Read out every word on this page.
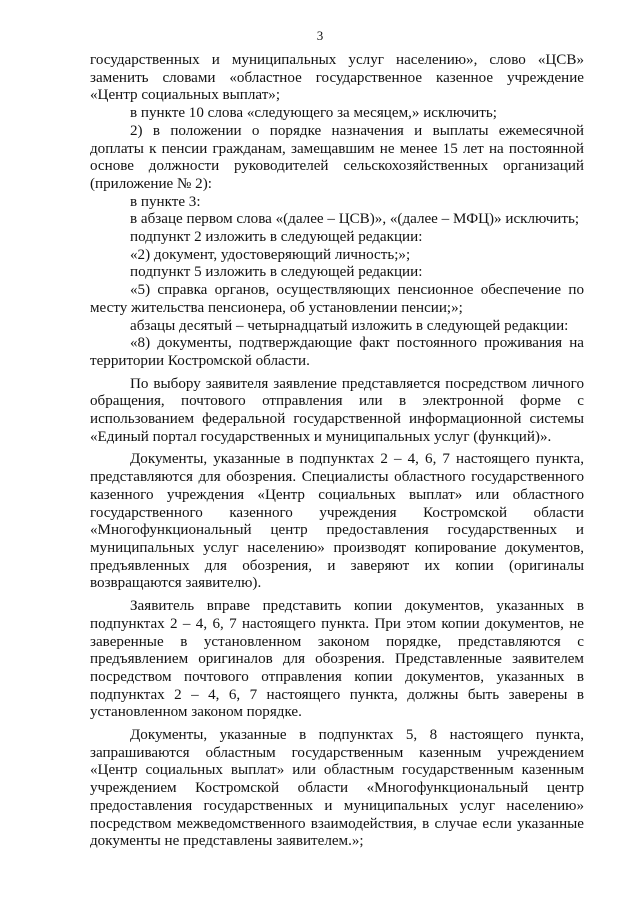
3

государственных и муниципальных услуг населению», слово «ЦСВ» заменить словами «областное государственное казенное учреждение «Центр социальных выплат»;

в пункте 10 слова «следующего за месяцем,» исключить;

2) в положении о порядке назначения и выплаты ежемесячной доплаты к пенсии гражданам, замещавшим не менее 15 лет на постоянной основе должности руководителей сельскохозяйственных организаций (приложение № 2):

в пункте 3:

в абзаце первом слова «(далее – ЦСВ)», «(далее – МФЦ)» исключить;

подпункт 2 изложить в следующей редакции:

«2) документ, удостоверяющий личность;»;

подпункт 5 изложить в следующей редакции:

«5) справка органов, осуществляющих пенсионное обеспечение по месту жительства пенсионера, об установлении пенсии;»;

абзацы десятый – четырнадцатый изложить в следующей редакции:

«8) документы, подтверждающие факт постоянного проживания на территории Костромской области.

По выбору заявителя заявление представляется посредством личного обращения, почтового отправления или в электронной форме с использованием федеральной государственной информационной системы «Единый портал государственных и муниципальных услуг (функций)».

Документы, указанные в подпунктах 2 – 4, 6, 7 настоящего пункта, представляются для обозрения. Специалисты областного государственного казенного учреждения «Центр социальных выплат» или областного государственного казенного учреждения Костромской области «Многофункциональный центр предоставления государственных и муниципальных услуг населению» производят копирование документов, предъявленных для обозрения, и заверяют их копии (оригиналы возвращаются заявителю).

Заявитель вправе представить копии документов, указанных в подпунктах 2 – 4, 6, 7 настоящего пункта. При этом копии документов, не заверенные в установленном законом порядке, представляются с предъявлением оригиналов для обозрения. Представленные заявителем посредством почтового отправления копии документов, указанных в подпунктах 2 – 4, 6, 7 настоящего пункта, должны быть заверены в установленном законом порядке.

Документы, указанные в подпунктах 5, 8 настоящего пункта, запрашиваются областным государственным казенным учреждением «Центр социальных выплат» или областным государственным казенным учреждением Костромской области «Многофункциональный центр предоставления государственных и муниципальных услуг населению» посредством межведомственного взаимодействия, в случае если указанные документы не представлены заявителем.»;
